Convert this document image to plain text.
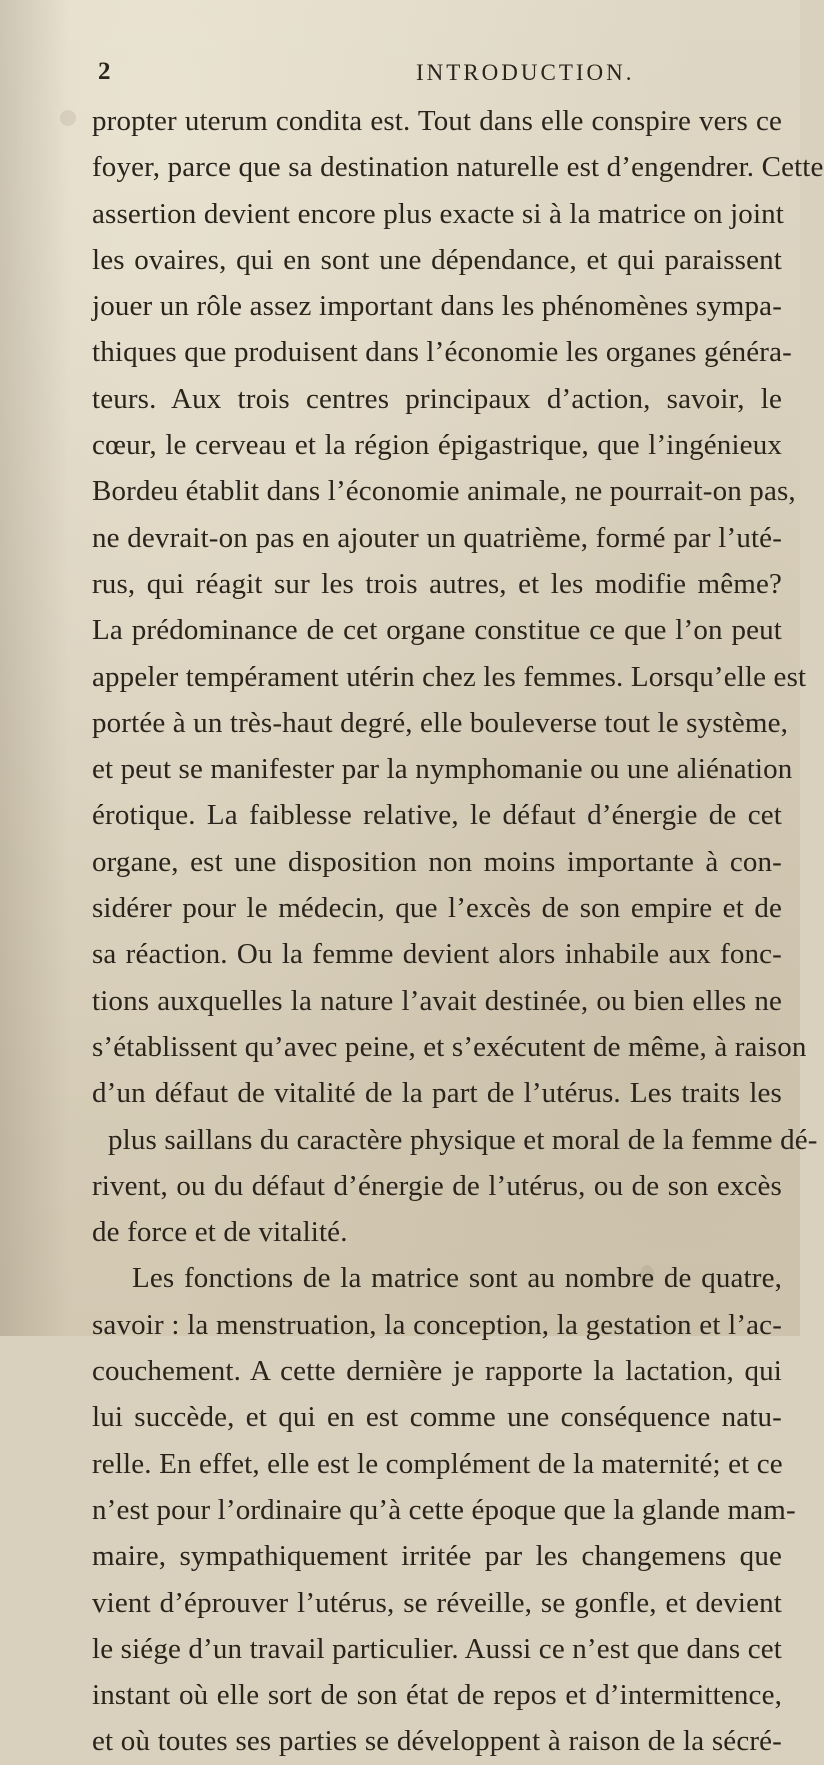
2	INTRODUCTION.
propter uterum condita est. Tout dans elle conspire vers ce
foyer, parce que sa destination naturelle est d’engendrer. Cette
assertion devient encore plus exacte si à la matrice on joint
les ovaires, qui en sont une dépendance, et qui paraissent
jouer un rôle assez important dans les phénomènes sympa-
thiques que produisent dans l’économie les organes généra-
teurs. Aux trois centres principaux d’action, savoir, le
cœur, le cerveau et la région épigastrique, que l’ingénieux
Bordeu établit dans l’économie animale, ne pourrait-on pas,
ne devrait-on pas en ajouter un quatrième, formé par l’uté-
rus, qui réagit sur les trois autres, et les modifie même?
La prédominance de cet organe constitue ce que l’on peut
appeler tempérament utérin chez les femmes. Lorsqu’elle est
portée à un très-haut degré, elle bouleverse tout le système,
et peut se manifester par la nymphomanie ou une aliénation
érotique. La faiblesse relative, le défaut d’énergie de cet
organe, est une disposition non moins importante à con-
sidérer pour le médecin, que l’excès de son empire et de
sa réaction. Ou la femme devient alors inhabile aux fonc-
tions auxquelles la nature l’avait destinée, ou bien elles ne
s’établissent qu’avec peine, et s’exécutent de même, à raison
d’un défaut de vitalité de la part de l’utérus. Les traits les
plus saillans du caractère physique et moral de la femme dé-
rivent, ou du défaut d’énergie de l’utérus, ou de son excès
de force et de vitalité.
Les fonctions de la matrice sont au nombre de quatre,
savoir : la menstruation, la conception, la gestation et l’ac-
couchement. A cette dernière je rapporte la lactation, qui
lui succède, et qui en est comme une conséquence natu-
relle. En effet, elle est le complément de la maternité; et ce
n’est pour l’ordinaire qu’à cette époque que la glande mam-
maire, sympathiquement irritée par les changemens que
vient d’éprouver l’utérus, se réveille, se gonfle, et devient
le siége d’un travail particulier. Aussi ce n’est que dans cet
instant où elle sort de son état de repos et d’intermittence,
et où toutes ses parties se développent à raison de la sécré-
